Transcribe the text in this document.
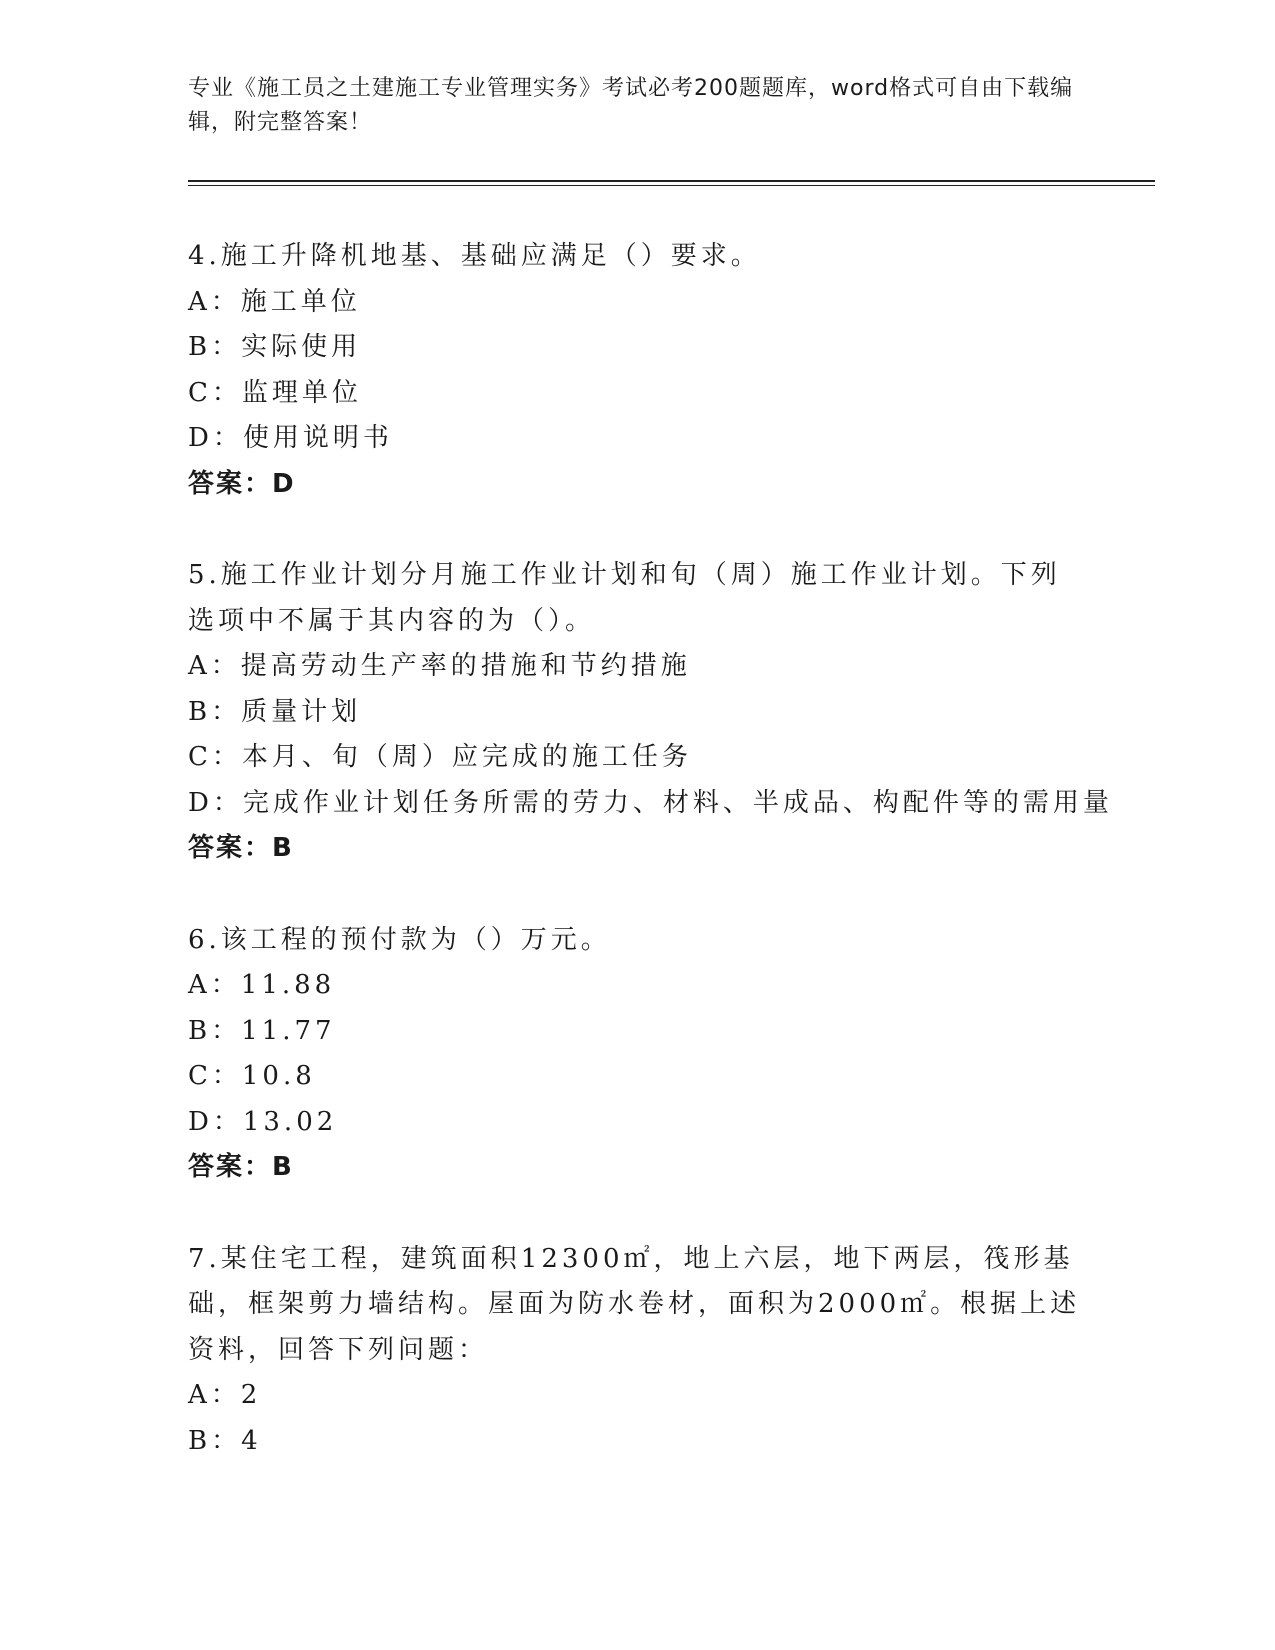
专业《施工员之土建施工专业管理实务》考试必考200题题库，word格式可自由下载编辑，附完整答案！

4.施工升降机地基、基础应满足（）要求。

A：施工单位

B：实际使用

C：监理单位

D：使用说明书

答案：D

5.施工作业计划分月施工作业计划和旬（周）施工作业计划。下列选项中不属于其内容的为（）。

A：提高劳动生产率的措施和节约措施

B：质量计划

C：本月、旬（周）应完成的施工任务

D：完成作业计划任务所需的劳力、材料、半成品、构配件等的需用量

答案：B

6.该工程的预付款为（）万元。

A：11.88

B：11.77

C：10.8

D：13.02

答案：B

7.某住宅工程，建筑面积12300㎡，地上六层，地下两层，筏形基础，框架剪力墙结构。屋面为防水卷材，面积为2000㎡。根据上述资料，回答下列问题：

A：2

B：4
